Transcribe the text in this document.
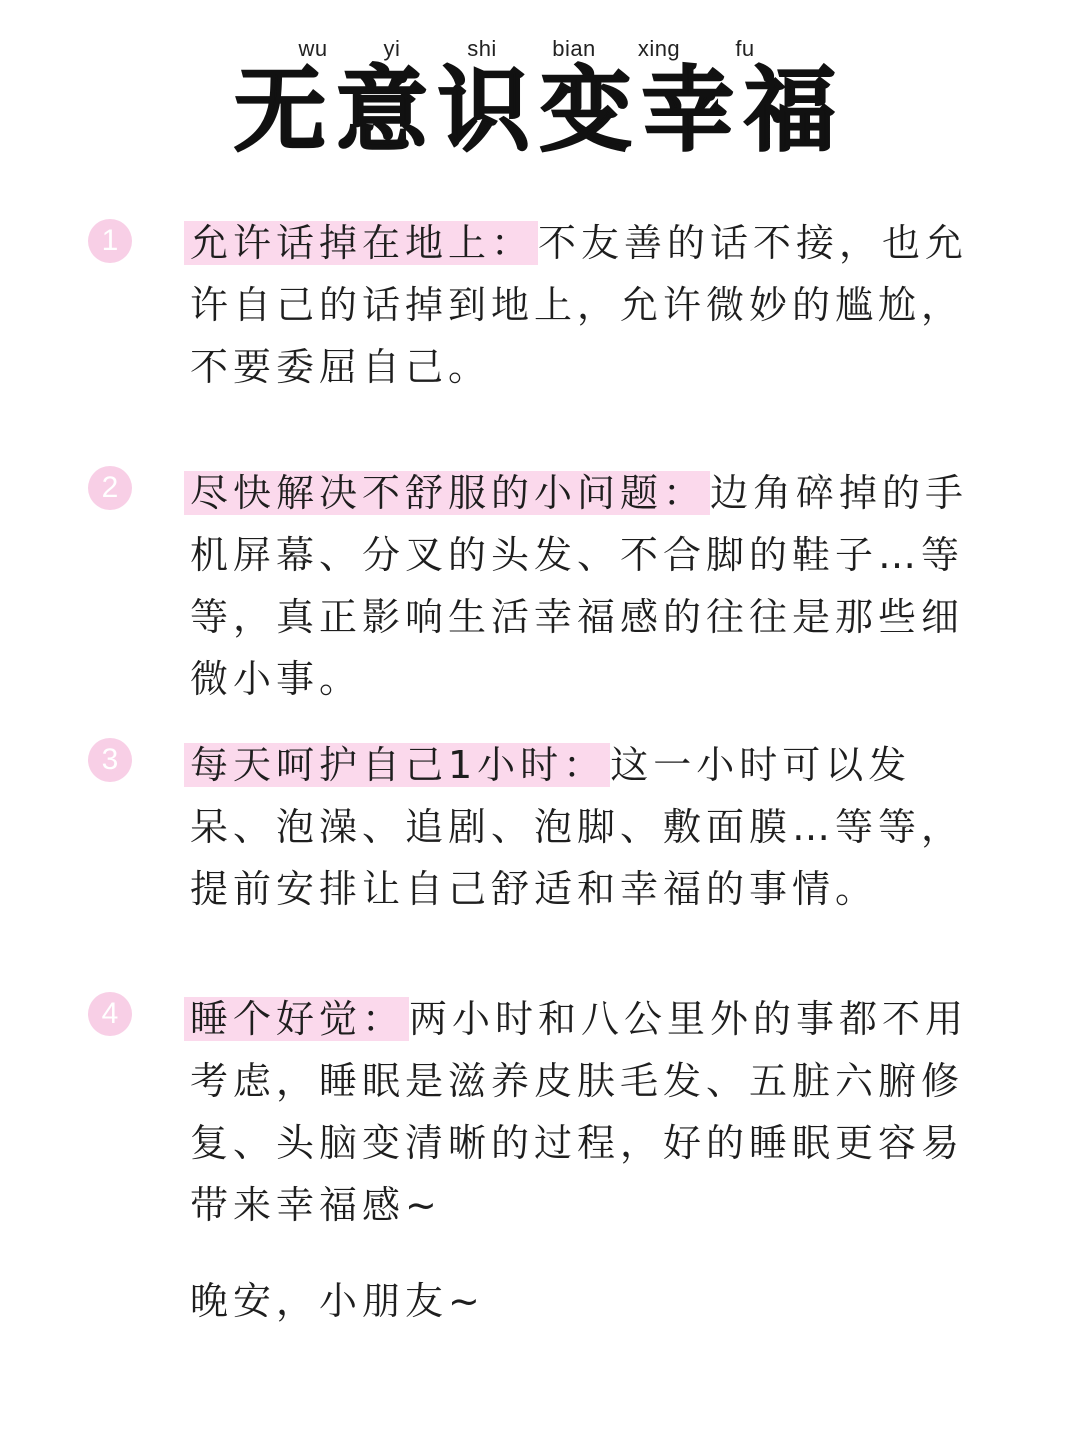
wu	yi	shi	bian	xing	fu
无意识变幸福
1	允许话掉在地上： 不友善的话不接，也允许自己的话掉到地上，允许微妙的尴尬，不要委屈自己。
2	尽快解决不舒服的小问题： 边角碎掉的手机屏幕、分叉的头发、不合脚的鞋子…等等，真正影响生活幸福感的往往是那些细微小事。
3	每天呵护自己1小时： 这一小时可以发呆、泡澡、追剧、泡脚、敷面膜…等等，提前安排让自己舒适和幸福的事情。
4	睡个好觉： 两小时和八公里外的事都不用考虑，睡眠是滋养皮肤毛发、五脏六腑修复、头脑变清晰的过程，好的睡眠更容易带来幸福感~
晚安，小朋友~
